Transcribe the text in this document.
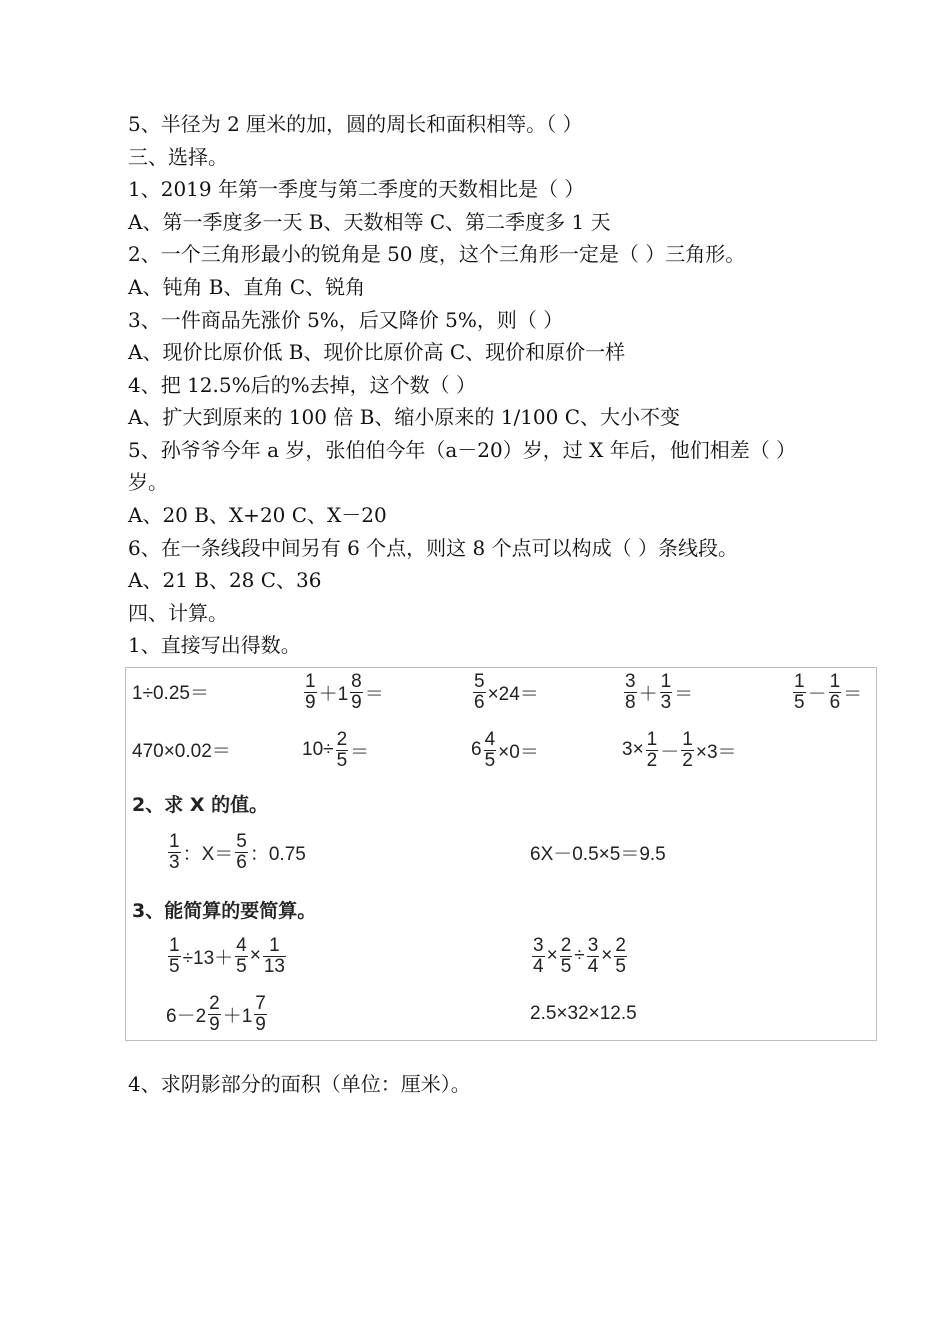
5、半径为 2 厘米的加，圆的周长和面积相等。（ ）
三、选择。
1、2019 年第一季度与第二季度的天数相比是（ ）
A、第一季度多一天 B、天数相等 C、第二季度多 1 天
2、一个三角形最小的锐角是 50 度，这个三角形一定是（ ）三角形。
A、钝角 B、直角 C、锐角
3、一件商品先涨价 5%，后又降价 5%，则（ ）
A、现价比原价低 B、现价比原价高 C、现价和原价一样
4、把 12.5%后的%去掉，这个数（ ）
A、扩大到原来的 100 倍 B、缩小原来的 1/100 C、大小不变
5、孙爷爷今年 a 岁，张伯伯今年（a－20）岁，过 X 年后，他们相差（ ）
岁。
A、20 B、X+20 C、X－20
6、在一条线段中间另有 6 个点，则这 8 个点可以构成（ ）条线段。
A、21 B、28 C、36
四、计算。
1、直接写出得数。
1÷0.25＝	$\frac{1}{9} +1 \frac{8}{9}$ ＝	$\frac{5}{6} \times 24=$	$\frac{3}{8} + \frac{1}{3}$ ＝	$\frac{1}{5} - \frac{1}{6}$ ＝
470×0.02＝	$10\div \frac{2}{5}$ ＝	$6 \frac{4}{5} \times 0=$	$3\times \frac{1}{2} - \frac{1}{2} \times 3=$
2、求 X 的值。
$\frac{1}{3}$ ：$X= \frac{5}{6}$ ：0.75	6X－0.5×5＝9.5
3、能简算的要简算。
$\frac{1}{5} \div 13+ \frac{4}{5} \times \frac{1}{13}$	$\frac{3}{4} \times \frac{2}{5} \div \frac{3}{4} \times \frac{2}{5}$
$6-2 \frac{2}{9} +1 \frac{7}{9}$	2.5×32×12.5
4、求阴影部分的面积（单位：厘米）。
